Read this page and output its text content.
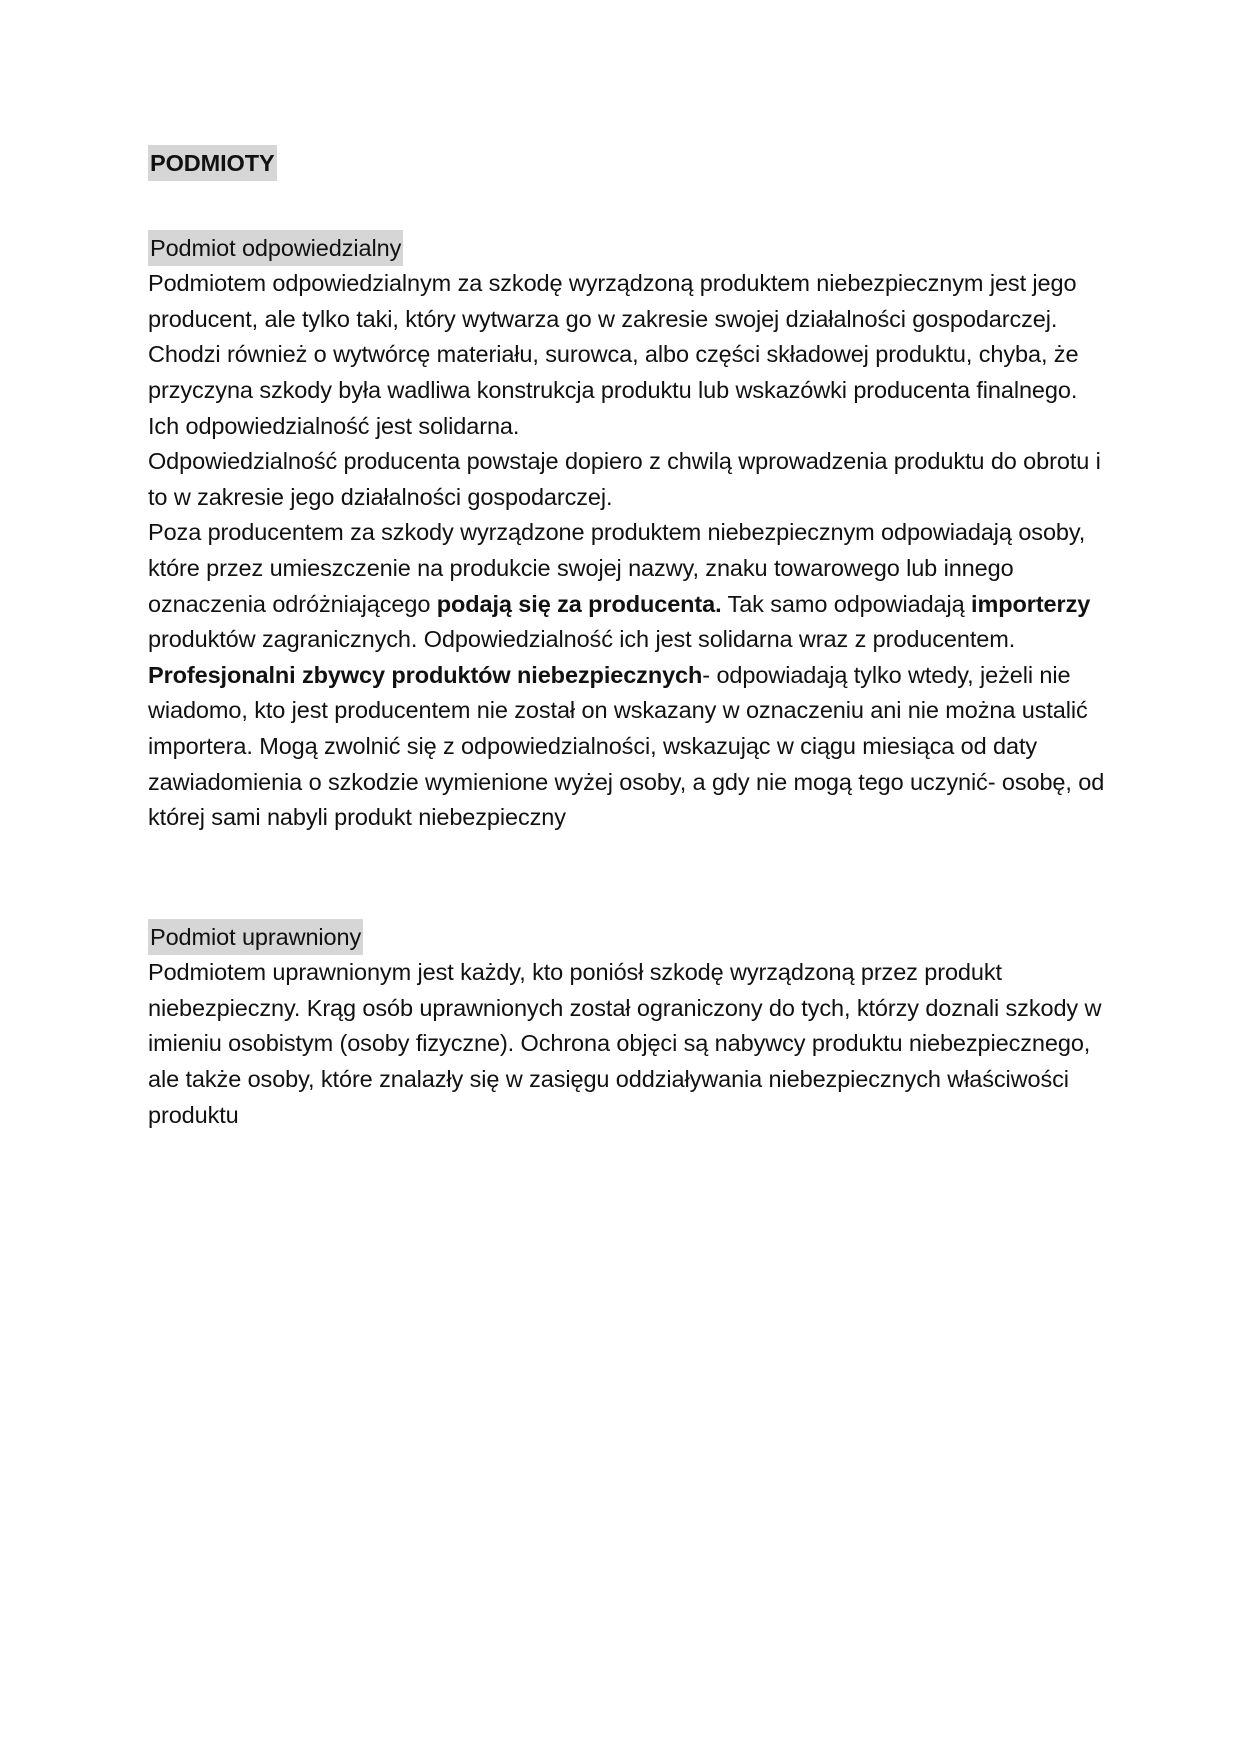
PODMIOTY
Podmiot odpowiedzialny

Podmiotem odpowiedzialnym za szkodę wyrządzoną produktem niebezpiecznym jest jego producent, ale tylko taki, który wytwarza go w zakresie swojej działalności gospodarczej. Chodzi również o wytwórcę materiału, surowca, albo części składowej produktu, chyba, że przyczyna szkody była wadliwa konstrukcja produktu lub wskazówki producenta finalnego. Ich odpowiedzialność jest solidarna.

Odpowiedzialność producenta powstaje dopiero z chwilą wprowadzenia produktu do obrotu i to w zakresie jego działalności gospodarczej.

Poza producentem za szkody wyrządzone produktem niebezpiecznym odpowiadają osoby, które przez umieszczenie na produkcie swojej nazwy, znaku towarowego lub innego oznaczenia odróżniającego podają się za producenta. Tak samo odpowiadają importerzy produktów zagranicznych. Odpowiedzialność ich jest solidarna wraz z producentem.

Profesjonalni zbywcy produktów niebezpiecznych- odpowiadają tylko wtedy, jeżeli nie wiadomo, kto jest producentem nie został on wskazany w oznaczeniu ani nie można ustalić importera. Mogą zwolnić się z odpowiedzialności, wskazując w ciągu miesiąca od daty zawiadomienia o szkodzie wymienione wyżej osoby, a gdy nie mogą tego uczynić- osobę, od której sami nabyli produkt niebezpieczny

Podmiot uprawniony

Podmiotem uprawnionym jest każdy, kto poniósł szkodę wyrządzoną przez produkt niebezpieczny. Krąg osób uprawnionych został ograniczony do tych, którzy doznali szkody w imieniu osobistym (osoby fizyczne). Ochrona objęci są nabywcy produktu niebezpiecznego, ale także osoby, które znalazły się w zasięgu oddziaływania niebezpiecznych właściwości produktu
